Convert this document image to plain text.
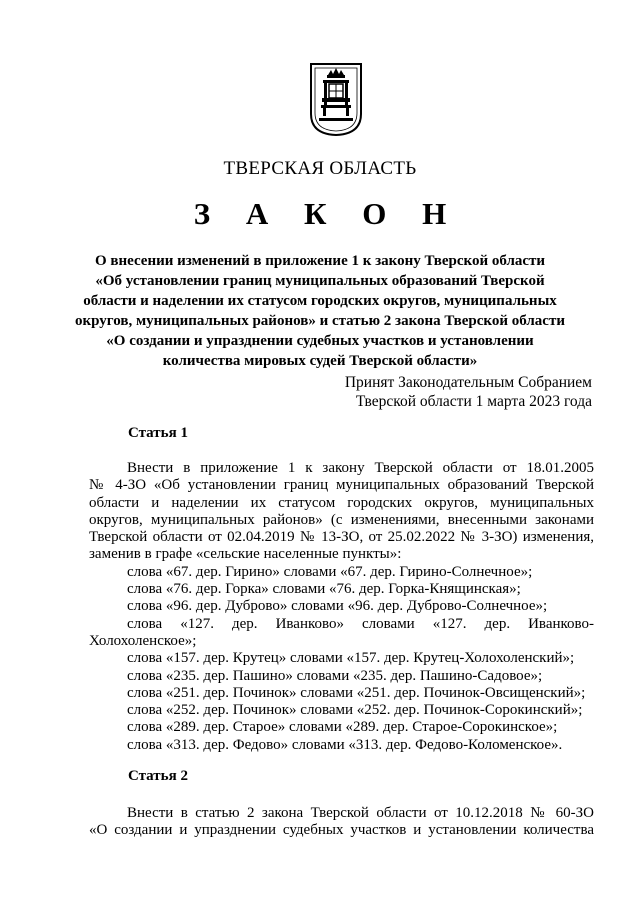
ТВЕРСКАЯ ОБЛАСТЬ
З А К О Н
О внесении изменений в приложение 1 к закону Тверской области
«Об установлении границ муниципальных образований Тверской
области и наделении их статусом городских округов, муниципальных
округов, муниципальных районов» и статью 2 закона Тверской области
«О создании и упразднении судебных участков и установлении
количества мировых судей Тверской области»
Принят Законодательным Собранием
Тверской области 1 марта 2023 года
Статья 1
Внести в приложение 1 к закону Тверской области от 18.01.2005
№ 4-ЗО «Об установлении границ муниципальных образований Тверской
области и наделении их статусом городских округов, муниципальных
округов, муниципальных районов» (с изменениями, внесенными законами
Тверской области от 02.04.2019 № 13-ЗО, от 25.02.2022 № 3-ЗО) изменения,
заменив в графе «сельские населенные пункты»:
слова «67. дер. Гирино» словами «67. дер. Гирино-Солнечное»;
слова «76. дер. Горка» словами «76. дер. Горка-Княщинская»;
слова «96. дер. Дуброво» словами «96. дер. Дуброво-Солнечное»;
слова «127. дер. Иванково» словами «127. дер. Иванково-
Холохоленское»;
слова «157. дер. Крутец» словами «157. дер. Крутец-Холохоленский»;
слова «235. дер. Пашино» словами «235. дер. Пашино-Садовое»;
слова «251. дер. Починок» словами «251. дер. Починок-Овсищенский»;
слова «252. дер. Починок» словами «252. дер. Починок-Сорокинский»;
слова «289. дер. Старое» словами «289. дер. Старое-Сорокинское»;
слова «313. дер. Федово» словами «313. дер. Федово-Коломенское».
Статья 2
Внести в статью 2 закона Тверской области от 10.12.2018 № 60-ЗО
«О создании и упразднении судебных участков и установлении количества
